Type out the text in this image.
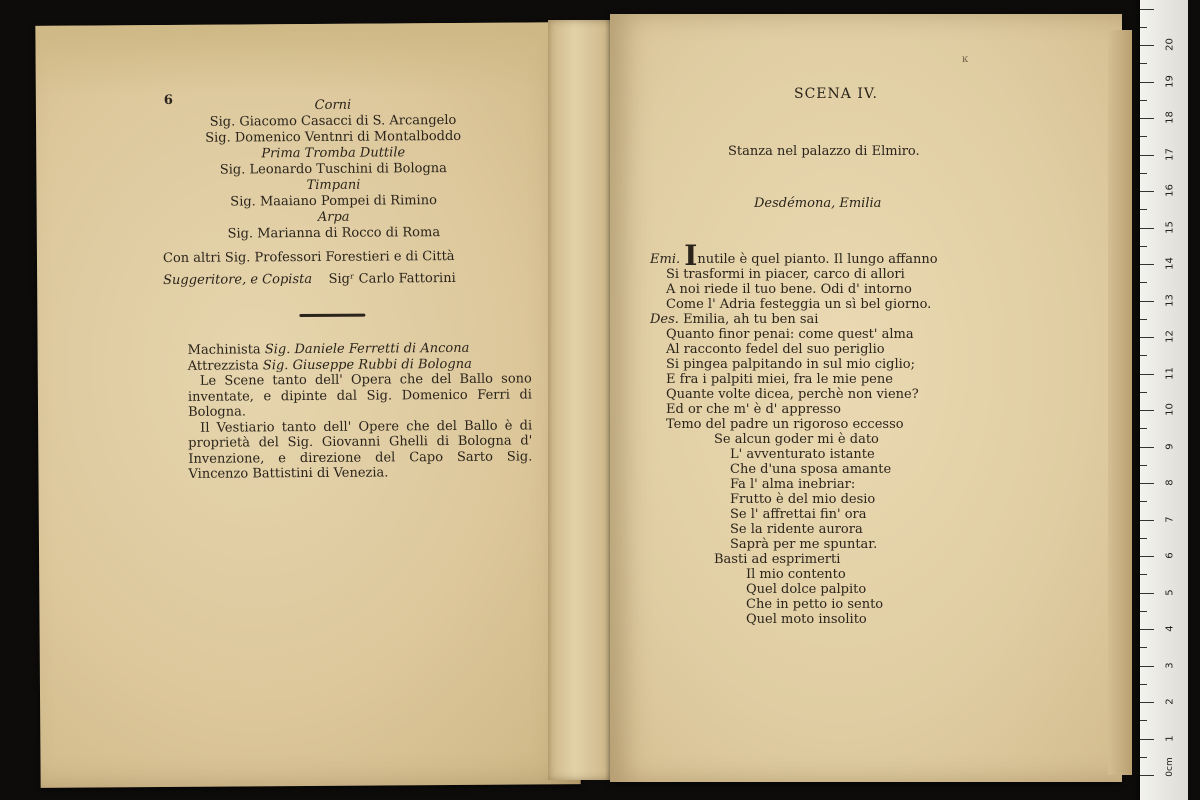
6	Corni
Sig. Giacomo Casacci di S. Arcangelo
Sig. Domenico Ventnri di Montalboddo
Prima Tromba Duttile
Sig. Leonardo Tuschini di Bologna
Timpani
Sig. Maaiano Pompei di Rimino
Arpa
Sig. Marianna di Rocco di Roma
Con altri Sig. Professori Forestieri e di Città
Suggeritore, e Copista Sigʳ Carlo Fattorini

Machinista Sig. Daniele Ferretti di Ancona

Attrezzista Sig. Giuseppe Rubbi di Bologna

Le Scene tanto dell' Opera che del Ballo sono inventate, e dipinte dal Sig. Domenico Ferri di Bologna.

Il Vestiario tanto dell' Opere che del Ballo è di proprietà del Sig. Giovanni Ghelli di Bologna d' Invenzione, e direzione del Capo Sarto Sig. Vincenzo Battistini di Venezia.

ĸ
SCENA IV.
Stanza nel palazzo di Elmiro.
Desdémona, Emilia
Emi. Inutile è quel pianto. Il lungo affanno
Si trasformi in piacer, carco di allori
A noi riede il tuo bene. Odi d' intorno
Come l' Adria festeggia un sì bel giorno.
Des. Emilia, ah tu ben sai
Quanto finor penai: come quest' alma
Al racconto fedel del suo periglio
Si pingea palpitando in sul mio ciglio;
E fra i palpiti miei, fra le mie pene
Quante volte dicea, perchè non viene?
Ed or che m' è d' appresso
Temo del padre un rigoroso eccesso
Se alcun goder mi è dato
L' avventurato istante
Che d'una sposa amante
Fa l' alma inebriar:
Frutto è del mio desio
Se l' affrettai fin' ora
Se la ridente aurora
Saprà per me spuntar.
Basti ad esprimerti
Il mio contento
Quel dolce palpito
Che in petto io sento
Quel moto insolito
0cm
1
2
3
4
5
6
7
8
9
10
11
12
13
14
15
16
17
18
19
20
